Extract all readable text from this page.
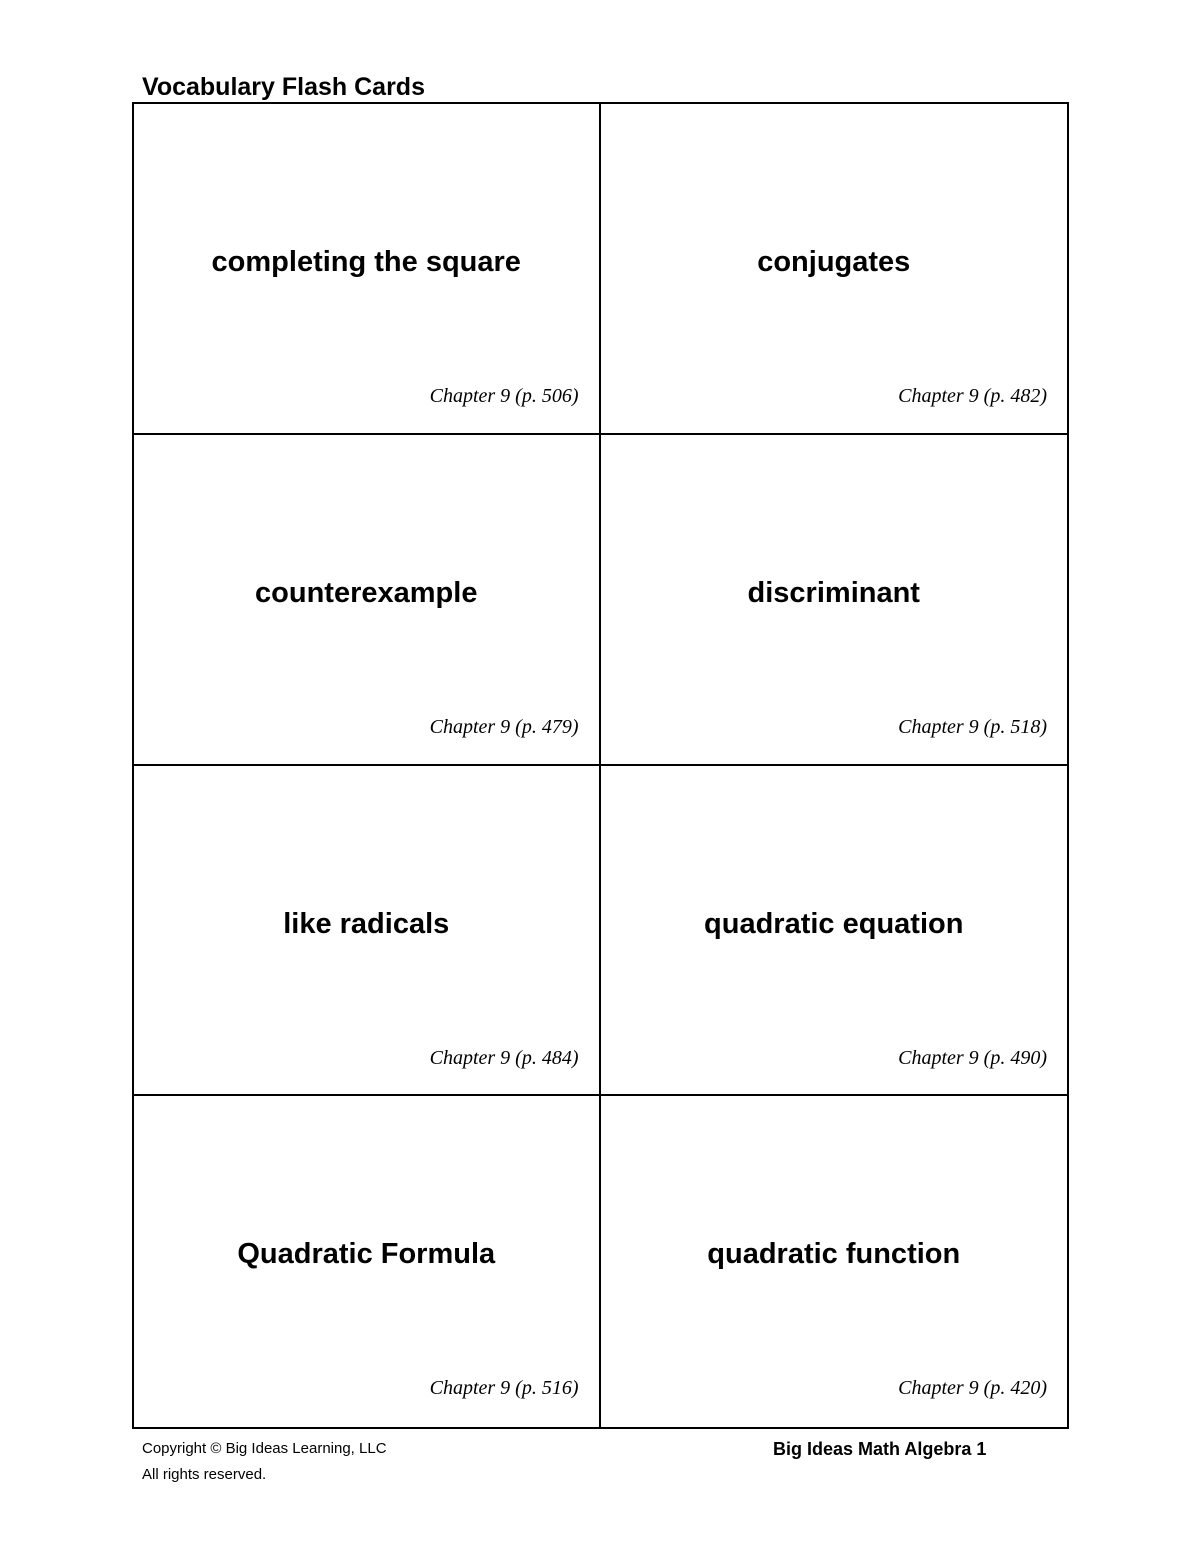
Vocabulary Flash Cards
completing the square
Chapter 9 (p. 506)
conjugates
Chapter 9 (p. 482)
counterexample
Chapter 9 (p. 479)
discriminant
Chapter 9 (p. 518)
like radicals
Chapter 9 (p. 484)
quadratic equation
Chapter 9 (p. 490)
Quadratic Formula
Chapter 9 (p. 516)
quadratic function
Chapter 9 (p. 420)
Copyright © Big Ideas Learning, LLC
All rights reserved.
Big Ideas Math Algebra 1
